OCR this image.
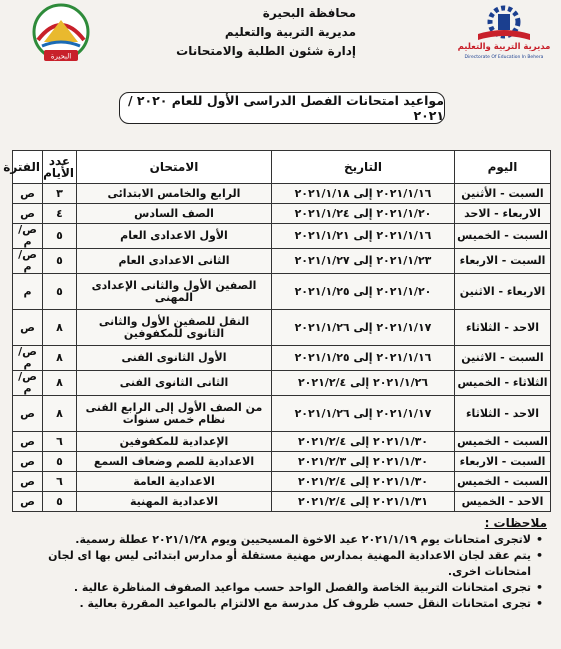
البحيرة
محافظة البحيرة
مديرية التربية والتعليم
إدارة شئون الطلبة والامتحانات	مديرية التربية والتعليم
Directorate Of Education In Behera
مواعيد امتحانات الفصل الدراسى الأول للعام ٢٠٢٠ / ٢٠٢١
اليوم	التاريخ	الامتحان	عدد الأيام	الفترة
السبت - الأثنين	٢٠٢١/١/١٦ إلى ٢٠٢١/١/١٨	الرابع والخامس الابتدائى	٣	ص
الاربعاء - الاحد	٢٠٢١/١/٢٠ إلى ٢٠٢١/١/٢٤	الصف السادس	٤	ص
السبت - الخميس	٢٠٢١/١/١٦ إلى ٢٠٢١/١/٢١	الأول الاعدادى العام	٥	ص/م
السبت - الاربعاء	٢٠٢١/١/٢٣ إلى ٢٠٢١/١/٢٧	الثانى الاعدادى العام	٥	ص/م
الاربعاء - الاثنين	٢٠٢١/١/٢٠ إلى ٢٠٢١/١/٢٥	الصفين الأول والثانى الإعدادى المهنى	٥	م
الاحد - الثلاثاء	٢٠٢١/١/١٧ إلى ٢٠٢١/١/٢٦	النقل للصفين الأول والثانى الثانوى للمكفوفين	٨	ص
السبت - الاثنين	٢٠٢١/١/١٦ إلى ٢٠٢١/١/٢٥	الأول الثانوى الفنى	٨	ص/م
الثلاثاء - الخميس	٢٠٢١/١/٢٦ إلى ٢٠٢١/٢/٤	الثانى الثانوى الفنى	٨	ص/م
الاحد - الثلاثاء	٢٠٢١/١/١٧ إلى ٢٠٢١/١/٢٦	من الصف الأول إلى الرابع الفنى نظام خمس سنوات	٨	ص
السبت - الخميس	٢٠٢١/١/٣٠ إلى ٢٠٢١/٢/٤	الإعدادية للمكفوفين	٦	ص
السبت - الاربعاء	٢٠٢١/١/٣٠ إلى ٢٠٢١/٢/٣	الاعدادية للصم وضعاف السمع	٥	ص
السبت - الخميس	٢٠٢١/١/٣٠ إلى ٢٠٢١/٢/٤	الاعدادية العامة	٦	ص
الاحد - الخميس	٢٠٢١/١/٣١ إلى ٢٠٢١/٢/٤	الاعدادية المهنية	٥	ص
ملاحظات :
• لاتجرى امتحانات يوم ٢٠٢١/١/١٩ عيد الاخوة المسيحيين ويوم ٢٠٢١/١/٢٨ عطلة رسمية.
• يتم عقد لجان الاعدادية المهنية بمدارس مهنية مستقلة أو مدارس ابتدائى ليس بها اى لجان امتحانات اخرى.
• تجرى امتحانات التربية الخاصة والفصل الواحد حسب مواعيد الصفوف المناظرة عالية .
• تجرى امتحانات النقل حسب ظروف كل مدرسة مع الالتزام بالمواعيد المقررة بعالية .
